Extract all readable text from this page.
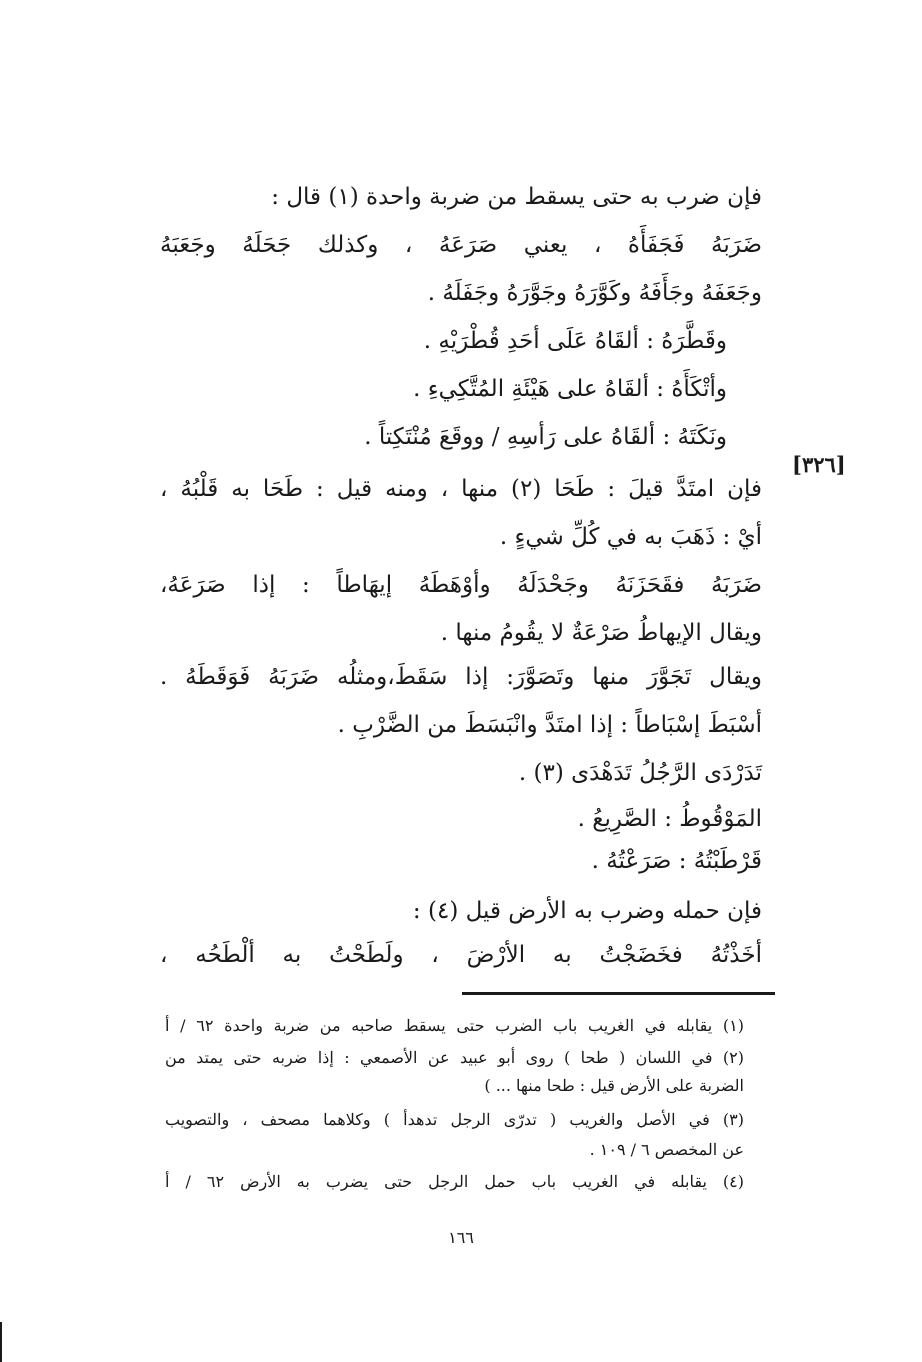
فإن ضرب به حتى يسقط من ضربة واحدة (١) قال :
ضَرَبَهُ فَجَفَأَهُ ، يعني صَرَعَهُ ، وكذلك جَحَلَهُ وجَعَبَهُ
وجَعَفَهُ وجَأَفَهُ وكَوَّرَهُ وجَوَّرَهُ وجَفَلَهُ .
وقَطَّرَهُ : ألقَاهُ عَلَى أحَدِ قُطْرَيْهِ .
وأتْكَأَهُ : ألقَاهُ على هَيْئَةِ المُتَّكِيءِ .
ونَكَتَهُ : ألقَاهُ على رَأسِهِ / ووقَعَ مُنْتَكِتاً .
فإن امتَدَّ قيلَ : طَحَا (٢) منها ، ومنه قيل : طَحَا به قَلْبُهُ ،
أيْ : ذَهَبَ به في كُلِّ شيءٍ .
ضَرَبَهُ فقَحَزَنَهُ وجَحْدَلَهُ وأوْهَطَهُ إيهَاطاً : إذا صَرَعَهُ،
ويقال الإيهاطُ صَرْعَةٌ لا يقُومُ منها .
ويقال تَجَوَّرَ منها وتَصَوَّرَ: إذا سَقَطَ،ومثلُه ضَرَبَهُ فَوَقَطَهُ .
أسْبَطَ إسْبَاطاً : إذا امتَدَّ وانْبَسَطَ من الضَّرْبِ .
تَدَرْدَى الرَّجُلُ تَدَهْدَى (٣) .
المَوْقُوطُ : الصَّرِيعُ .
قَرْطَبْتُهُ : صَرَعْتُهُ .
فإن حمله وضرب به الأرض قيل (٤) :
أخَذْتُهُ فخَضَجْتُ به الأرْضَ ، ولَطَحْتُ به ألْطَحُه ،
[٣٢٦]
(١) يقابله في الغريب باب الضرب حتى يسقط صاحبه من ضربة واحدة ٦٢ / أ
(٢) في اللسان ( طحا ) روى أبو عبيد عن الأصمعي : إذا ضربه حتى يمتد من
الضربة على الأرض قيل : طحا منها ... )
(٣) في الأصل والغريب ( تدرّى الرجل تدهدأ ) وكلاهما مصحف ، والتصويب
عن المخصص ٦ / ١٠٩ .
(٤) يقابله في الغريب باب حمل الرجل حتى يضرب به الأرض ٦٢ / أ
١٦٦
